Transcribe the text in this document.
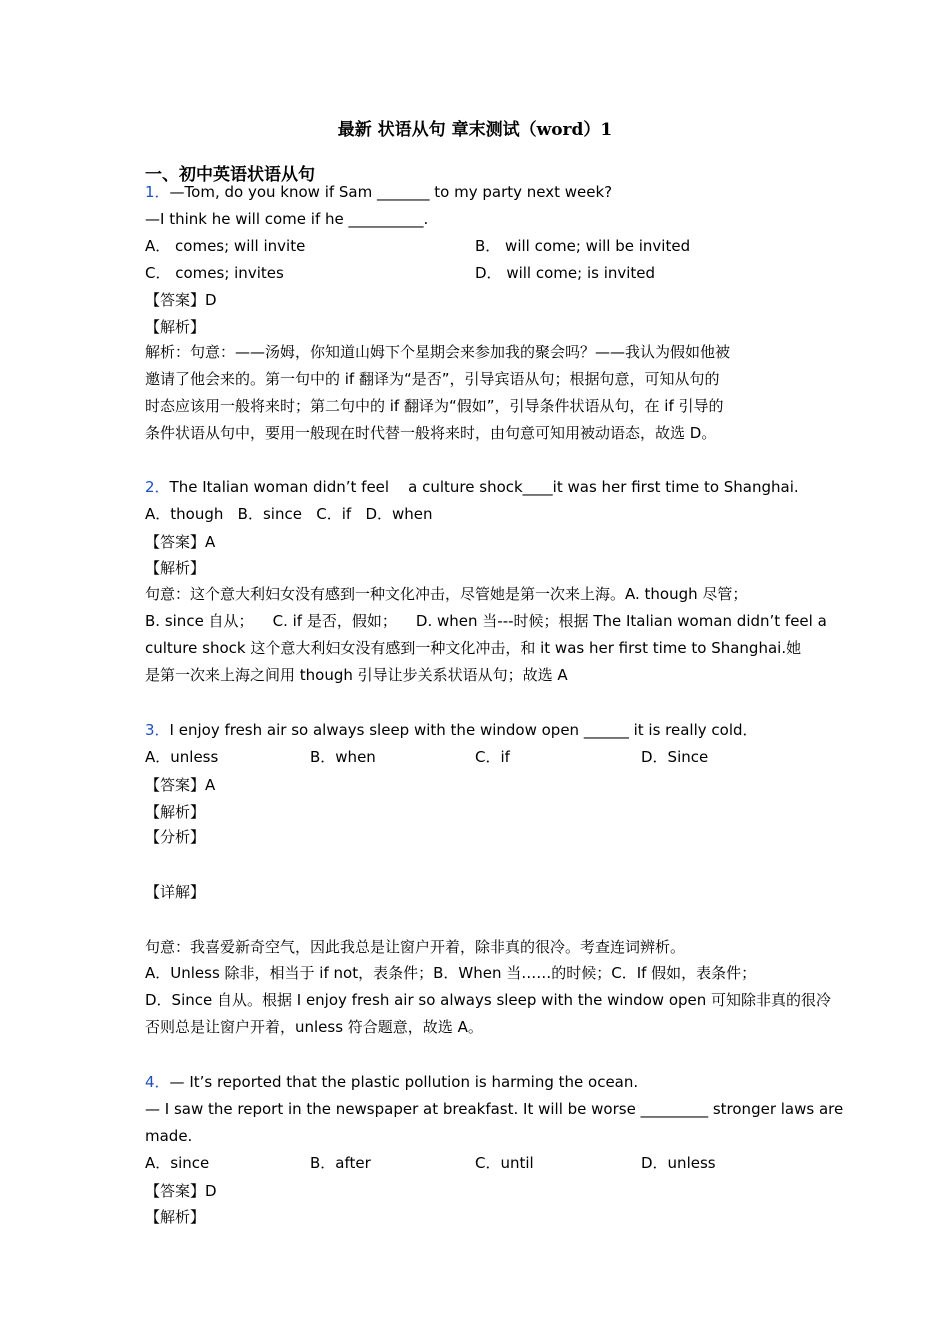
最新 状语从句 章末测试（word）1
一、初中英语状语从句
1．—Tom, do you know if Sam _______ to my party next week?
—I think he will come if he __________.
A． comes; will invite	B． will come; will be invited
C． comes; invites	D． will come; is invited
【答案】D
【解析】
解析：句意：——汤姆，你知道山姆下个星期会来参加我的聚会吗？——我认为假如他被
邀请了他会来的。第一句中的 if 翻译为“是否”，引导宾语从句；根据句意，可知从句的
时态应该用一般将来时；第二句中的 if 翻译为“假如”，引导条件状语从句，在 if 引导的
条件状语从句中，要用一般现在时代替一般将来时，由句意可知用被动语态，故选 D。
2．The Italian woman didn’t feel    a culture shock____it was her first time to Shanghai.
A．though   B．since   C．if   D．when
【答案】A
【解析】
句意：这个意大利妇女没有感到一种文化冲击，尽管她是第一次来上海。A. though 尽管；
B. since 自从；    C. if 是否，假如；    D. when 当---时候；根据 The Italian woman didn’t feel a
culture shock 这个意大利妇女没有感到一种文化冲击，和 it was her first time to Shanghai.她
是第一次来上海之间用 though 引导让步关系状语从句；故选 A
3．I enjoy fresh air so always sleep with the window open ______ it is really cold．
A．unless	B．when	C．if	D．Since
【答案】A
【解析】
【分析】
【详解】
句意：我喜爱新奇空气，因此我总是让窗户开着，除非真的很冷。考查连词辨析。
A．Unless 除非，相当于 if not，表条件；B．When 当……的时候；C．If 假如，表条件；
D．Since 自从。根据 I enjoy fresh air so always sleep with the window open 可知除非真的很冷
否则总是让窗户开着，unless 符合题意，故选 A。
4．— It’s reported that the plastic pollution is harming the ocean.
— I saw the report in the newspaper at breakfast. It will be worse _________ stronger laws are
made.
A．since	B．after	C．until	D．unless
【答案】D
【解析】
